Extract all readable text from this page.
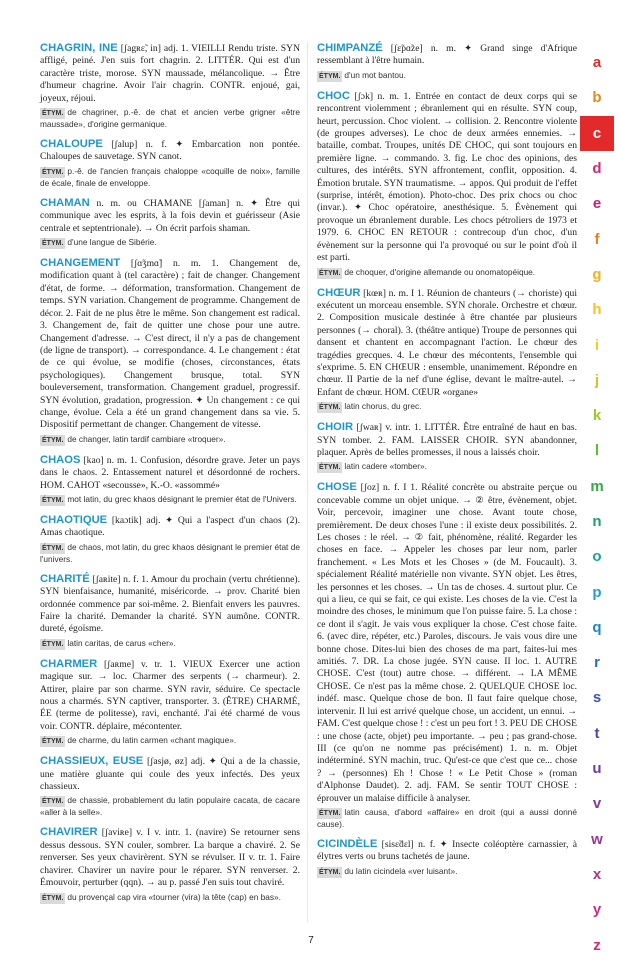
CHAGRIN, INE [ʃagʀɛ̃, in] adj. 1. VIEILLI Rendu triste. SYN affligé, peiné. J'en suis fort chagrin. 2. LITTÉR. Qui est d'un caractère triste, morose. SYN maussade, mélancolique. → Être d'humeur chagrine. Avoir l'air chagrin. CONTR. enjoué, gai, joyeux, réjoui.
ÉTYM. de chagriner, p.-ê. de chat et ancien verbe grigner «être maussade», d'origine germanique.
CHALOUPE [ʃalup] n. f. ✦ Embarcation non pontée. Chaloupes de sauvetage. SYN canot.
ÉTYM. p.-ê. de l'ancien français chaloppe «coquille de noix», famille de écale, finale de enveloppe.
CHAMAN n. m. ou CHAMANE [ʃaman] n. ✦ Être qui communique avec les esprits, à la fois devin et guérisseur (Asie centrale et septentrionale). → On écrit parfois shaman.
ÉTYM. d'une langue de Sibérie.
CHANGEMENT [ʃɑ̃ʒmɑ̃] n. m. 1. Changement de, modification quant à (tel caractère) ; fait de changer. Changement d'état, de forme. → déformation, transformation. Changement de temps. SYN variation. Changement de programme. Changement de décor. 2. Fait de ne plus être le même. Son changement est radical. 3. Changement de, fait de quitter une chose pour une autre. Changement d'adresse. → C'est direct, il n'y a pas de changement (de ligne de transport). → correspondance. 4. Le changement : état de ce qui évolue, se modifie (choses, circonstances, états psychologiques). Changement brusque, total. SYN bouleversement, transformation. Changement graduel, progressif. SYN évolution, gradation, progression. ✦ Un changement : ce qui change, évolue. Cela a été un grand changement dans sa vie. 5. Dispositif permettant de changer. Changement de vitesse.
ÉTYM. de changer, latin tardif cambiare «troquer».
CHAOS [kao] n. m. 1. Confusion, désordre grave. Jeter un pays dans le chaos. 2. Entassement naturel et désordonné de rochers. HOM. CAHOT «secousse», K.-O. «assommé»
ÉTYM. mot latin, du grec khaos désignant le premier état de l'Univers.
CHAOTIQUE [kaɔtik] adj. ✦ Qui a l'aspect d'un chaos (2). Amas chaotique.
ÉTYM. de chaos, mot latin, du grec khaos désignant le premier état de l'univers.
CHARITÉ [ʃaʀite] n. f. 1. Amour du prochain (vertu chrétienne). SYN bienfaisance, humanité, miséricorde. → prov. Charité bien ordonnée commence par soi-même. 2. Bienfait envers les pauvres. Faire la charité. Demander la charité. SYN aumône. CONTR. dureté, égoïsme.
ÉTYM. latin caritas, de carus «cher».
CHARMER [ʃaʀme] v. tr. 1. VIEUX Exercer une action magique sur. → loc. Charmer des serpents (→ charmeur). 2. Attirer, plaire par son charme. SYN ravir, séduire. Ce spectacle nous a charmés. SYN captiver, transporter. 3. (ÊTRE) CHARMÉ, ÉE (terme de politesse), ravi, enchanté. J'ai été charmé de vous voir. CONTR. déplaire, mécontenter.
ÉTYM. de charme, du latin carmen «chant magique».
CHASSIEUX, EUSE [ʃasjø, øz] adj. ✦ Qui a de la chassie, une matière gluante qui coule des yeux infectés. Des yeux chassieux.
ÉTYM. de chassie, probablement du latin populaire cacata, de cacare «aller à la selle».
CHAVIRER [ʃaviʀe] v. I v. intr. 1. (navire) Se retourner sens dessus dessous. SYN couler, sombrer. La barque a chaviré. 2. Se renverser. Ses yeux chavirèrent. SYN se révulser. II v. tr. 1. Faire chavirer. Chavirer un navire pour le réparer. SYN renverser. 2. Émouvoir, perturber (qqn). → au p. passé J'en suis tout chaviré.
ÉTYM. du provençal cap vira «tourner (vira) la tête (cap) en bas».
CHIMPANZÉ [ʃɛ̃pɑ̃ze] n. m. ✦ Grand singe d'Afrique ressemblant à l'être humain.
ÉTYM. d'un mot bantou.
CHOC [ʃɔk] n. m. 1. Entrée en contact de deux corps qui se rencontrent violemment ; ébranlement qui en résulte. SYN coup, heurt, percussion. Choc violent. → collision. 2. Rencontre violente (de groupes adverses). Le choc de deux armées ennemies. → bataille, combat. Troupes, unités DE CHOC, qui sont toujours en première ligne. → commando. 3. fig. Le choc des opinions, des cultures, des intérêts. SYN affrontement, conflit, opposition. 4. Émotion brutale. SYN traumatisme. → appos. Qui produit de l'effet (surprise, intérêt, émotion). Photo-choc. Des prix chocs ou choc (invar.). ✦ Choc opératoire, anesthésique. 5. Évènement qui provoque un ébranlement durable. Les chocs pétroliers de 1973 et 1979. 6. CHOC EN RETOUR : contrecoup d'un choc, d'un évènement sur la personne qui l'a provoqué ou sur le point d'où il est parti.
ÉTYM. de choquer, d'origine allemande ou onomatopéique.
CHŒUR [kœʀ] n. m. I 1. Réunion de chanteurs (→ choriste) qui exécutent un morceau ensemble. SYN chorale. Orchestre et chœur. 2. Composition musicale destinée à être chantée par plusieurs personnes (→ choral). 3. (théâtre antique) Troupe de personnes qui dansent et chantent en accompagnant l'action. Le chœur des tragédies grecques. 4. Le chœur des mécontents, l'ensemble qui s'exprime. 5. EN CHŒUR : ensemble, unanimement. Répondre en chœur. II Partie de la nef d'une église, devant le maître-autel. → Enfant de chœur. HOM. CŒUR «organe»
ÉTYM. latin chorus, du grec.
CHOIR [ʃwaʀ] v. intr. 1. LITTÉR. Être entraîné de haut en bas. SYN tomber. 2. FAM. LAISSER CHOIR. SYN abandonner, plaquer. Après de belles promesses, il nous a laissés choir.
ÉTYM. latin cadere «tomber».
CHOSE [ʃoz] n. f. I 1. Réalité concrète ou abstraite perçue ou concevable comme un objet unique. → ② être, évènement, objet. Voir, percevoir, imaginer une chose. Avant toute chose, premièrement. De deux choses l'une : il existe deux possibilités. 2. Les choses : le réel. → ② fait, phénomène, réalité. Regarder les choses en face. → Appeler les choses par leur nom, parler franchement. « Les Mots et les Choses » (de M. Foucault). 3. spécialement Réalité matérielle non vivante. SYN objet. Les êtres, les personnes et les choses. → Un tas de choses. 4. surtout plur. Ce qui a lieu, ce qui se fait, ce qui existe. Les choses de la vie. C'est la moindre des choses, le minimum que l'on puisse faire. 5. La chose : ce dont il s'agit. Je vais vous expliquer la chose. C'est chose faite. 6. (avec dire, répéter, etc.) Paroles, discours. Je vais vous dire une bonne chose. Dites-lui bien des choses de ma part, faites-lui mes amitiés. 7. DR. La chose jugée. SYN cause. II loc. 1. AUTRE CHOSE. C'est (tout) autre chose. → différent. → LA MÊME CHOSE. Ce n'est pas la même chose. 2. QUELQUE CHOSE loc. indéf. masc. Quelque chose de bon. Il faut faire quelque chose, intervenir. Il lui est arrivé quelque chose, un accident, un ennui. → FAM. C'est quelque chose ! : c'est un peu fort ! 3. PEU DE CHOSE : une chose (acte, objet) peu importante. → peu ; pas grand-chose. III (ce qu'on ne nomme pas précisément) 1. n. m. Objet indéterminé. SYN machin, truc. Qu'est-ce que c'est que ce... chose ? → (personnes) Eh ! Chose ! « Le Petit Chose » (roman d'Alphonse Daudet). 2. adj. FAM. Se sentir TOUT CHOSE : éprouver un malaise difficile à analyser.
ÉTYM. latin causa, d'abord «affaire» en droit (qui a aussi donné cause).
CICINDÈLE [sisɛ̃dɛl] n. f. ✦ Insecte coléoptère carnassier, à élytres verts ou bruns tachetés de jaune.
ÉTYM. du latin cicindela «ver luisant».
a
b
c
d
e
f
g
h
i
j
k
l
m
n
o
p
q
r
s
t
u
v
w
x
y
z
7
